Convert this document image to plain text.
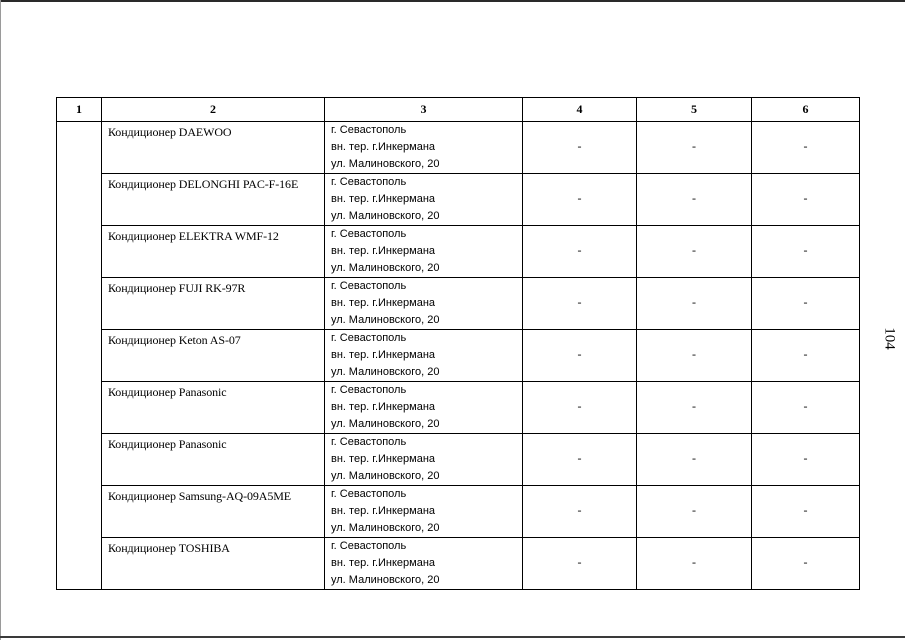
1	2	3	4	5	6
	Кондиционер DAEWOO	г. Севастополь
вн. тер. г.Инкермана
ул. Малиновского, 20	-	-	-
	Кондиционер DELONGHI PAC-F-16E	г. Севастополь
вн. тер. г.Инкермана
ул. Малиновского, 20	-	-	-
	Кондиционер ELEKTRA WMF-12	г. Севастополь
вн. тер. г.Инкермана
ул. Малиновского, 20	-	-	-
	Кондиционер FUJI RK-97R	г. Севастополь
вн. тер. г.Инкермана
ул. Малиновского, 20	-	-	-
	Кондиционер Keton AS-07	г. Севастополь
вн. тер. г.Инкермана
ул. Малиновского, 20	-	-	-
	Кондиционер Panasonic	г. Севастополь
вн. тер. г.Инкермана
ул. Малиновского, 20	-	-	-
	Кондиционер Panasonic	г. Севастополь
вн. тер. г.Инкермана
ул. Малиновского, 20	-	-	-
	Кондиционер Samsung-AQ-09A5ME	г. Севастополь
вн. тер. г.Инкермана
ул. Малиновского, 20	-	-	-
	Кондиционер TOSHIBA	г. Севастополь
вн. тер. г.Инкермана
ул. Малиновского, 20	-	-	-
104
